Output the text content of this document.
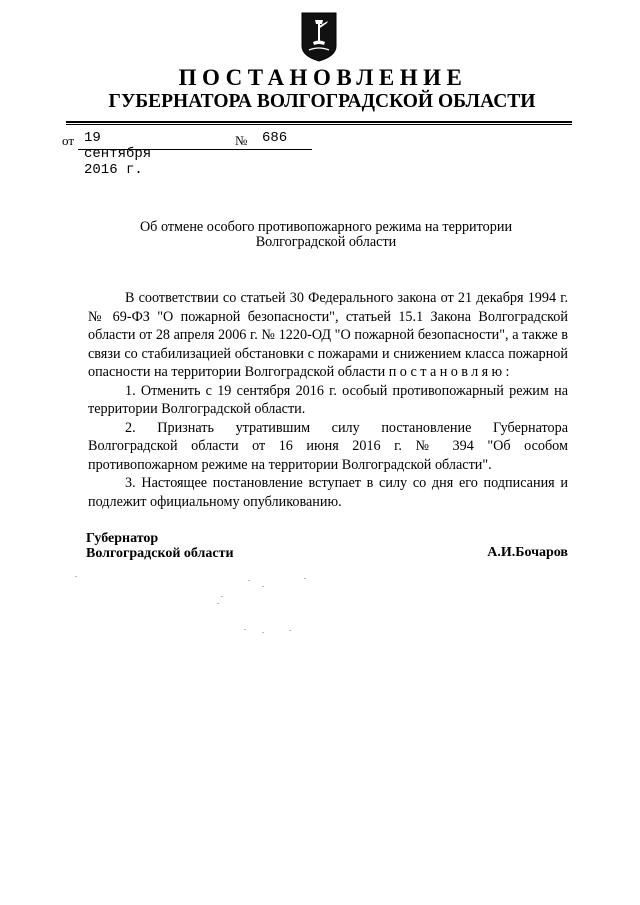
ПОСТАНОВЛЕНИЕ
ГУБЕРНАТОРА ВОЛГОГРАДСКОЙ ОБЛАСТИ
от 19 сентября 2016 г.
№ 686
Об отмене особого противопожарного режима на территории
Волгоградской области

В соответствии со статьей 30 Федерального закона от 21 декабря 1994 г. № 69-ФЗ "О пожарной безопасности", статьей 15.1 Закона Волгоградской области от 28 апреля 2006 г. № 1220-ОД "О пожарной безопасности", а также в связи со стабилизацией обстановки с пожарами и снижением класса пожарной опасности на территории Волгоградской области постановляю:

1. Отменить с 19 сентября 2016 г. особый противопожарный режим на территории Волгоградской области.

2. Признать утратившим силу постановление Губернатора Волгоградской области от 16 июня 2016 г. № 394 "Об особом противопожарном режиме на территории Волгоградской области".

3. Настоящее постановление вступает в силу со дня его подписания и подлежит официальному опубликованию.

Губернатор
Волгоградской области	А.И.Бочаров
